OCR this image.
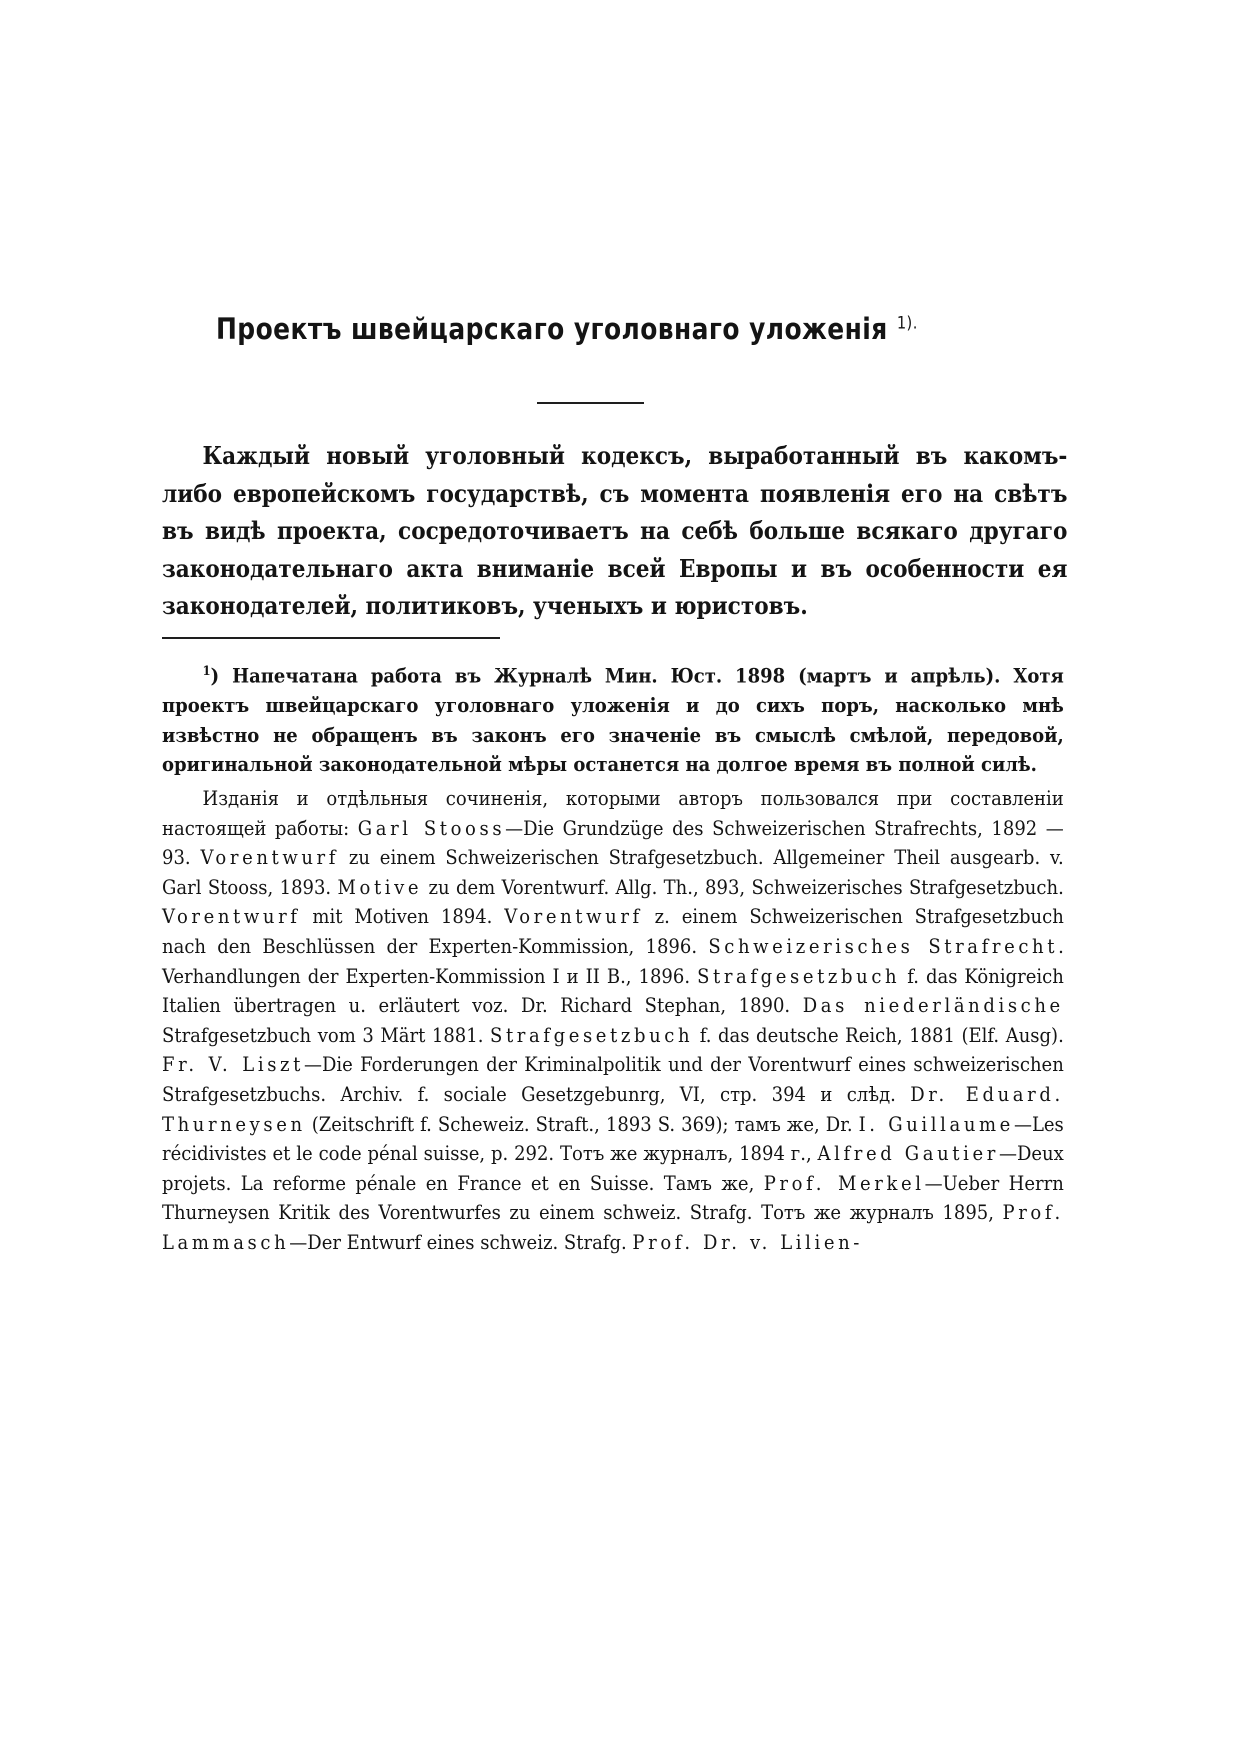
Проектъ швейцарскаго уголовнаго уложенія $^{1).}$

Каждый новый уголовный кодексъ, выработанный въ какомъ-либо европейскомъ государствѣ, съ момента появленія его на свѣтъ въ видѣ проекта, сосредоточиваетъ на себѣ больше всякаго другаго законодательнаго акта вниманіе всей Европы и въ особенности ея законодателей, политиковъ, ученыхъ и юристовъ.

$^1$) Напечатана работа въ Журналѣ Мин. Юст. 1898 (мартъ и апрѣль). Хотя проектъ швейцарскаго уголовнаго уложенія и до сихъ поръ, насколько мнѣ извѣстно не обращенъ въ законъ его значеніе въ смыслѣ смѣлой, передовой, оригинальной законодательной мѣры останется на долгое время въ полной силѣ.

Изданія и отдѣльныя сочиненія, которыми авторъ пользовался при составленіи настоящей работы: Garl Stooss—Die Grundzüge des Schweizerischen Strafrechts, 1892 — 93. Vorentwurf zu einem Schweizerischen Strafgesetzbuch. Allgemeiner Theil ausgearb. v. Garl Stooss, 1893. Motive zu dem Vorentwurf. Allg. Th., 893, Schweizerisches Strafgesetzbuch. Vorentwurf mit Motiven 1894. Vorentwurf z. einem Schweizerischen Strafgesetzbuch nach den Beschlüssen der Experten-Kommission, 1896. Schweizerisches Strafrecht. Verhandlungen der Experten-Kommission I и II B., 1896. Strafgesetzbuch f. das Königreich Italien übertragen u. erläutert voz. Dr. Richard Stephan, 1890. Das niederländische Strafgesetzbuch vom 3 Märt 1881. Strafgesetzbuch f. das deutsche Reich, 1881 (Elf. Ausg). Fr. V. Liszt—Die Forderungen der Kriminalpolitik und der Vorentwurf eines schweizerischen Strafgesetzbuchs. Archiv. f. sociale Gesetzgebunrg, VI, стр. 394 и слѣд. Dr. Eduard. Thurneysen (Zeitschrift f. Scheweiz. Straft., 1893 S. 369); тамъ же, Dr. I. Guillaume—Les récidivistes et le code pénal suisse, p. 292. Тотъ же журналъ, 1894 г., Alfred Gautier—Deux projets. La reforme pénale en France et en Suisse. Тамъ же, Prof. Merkel—Ueber Herrn Thurneysen Kritik des Vorentwurfes zu einem schweiz. Strafg. Тотъ же журналъ 1895, Prof. Lammasch—Der Entwurf eines schweiz. Strafg. Prof. Dr. v. Lilien-
